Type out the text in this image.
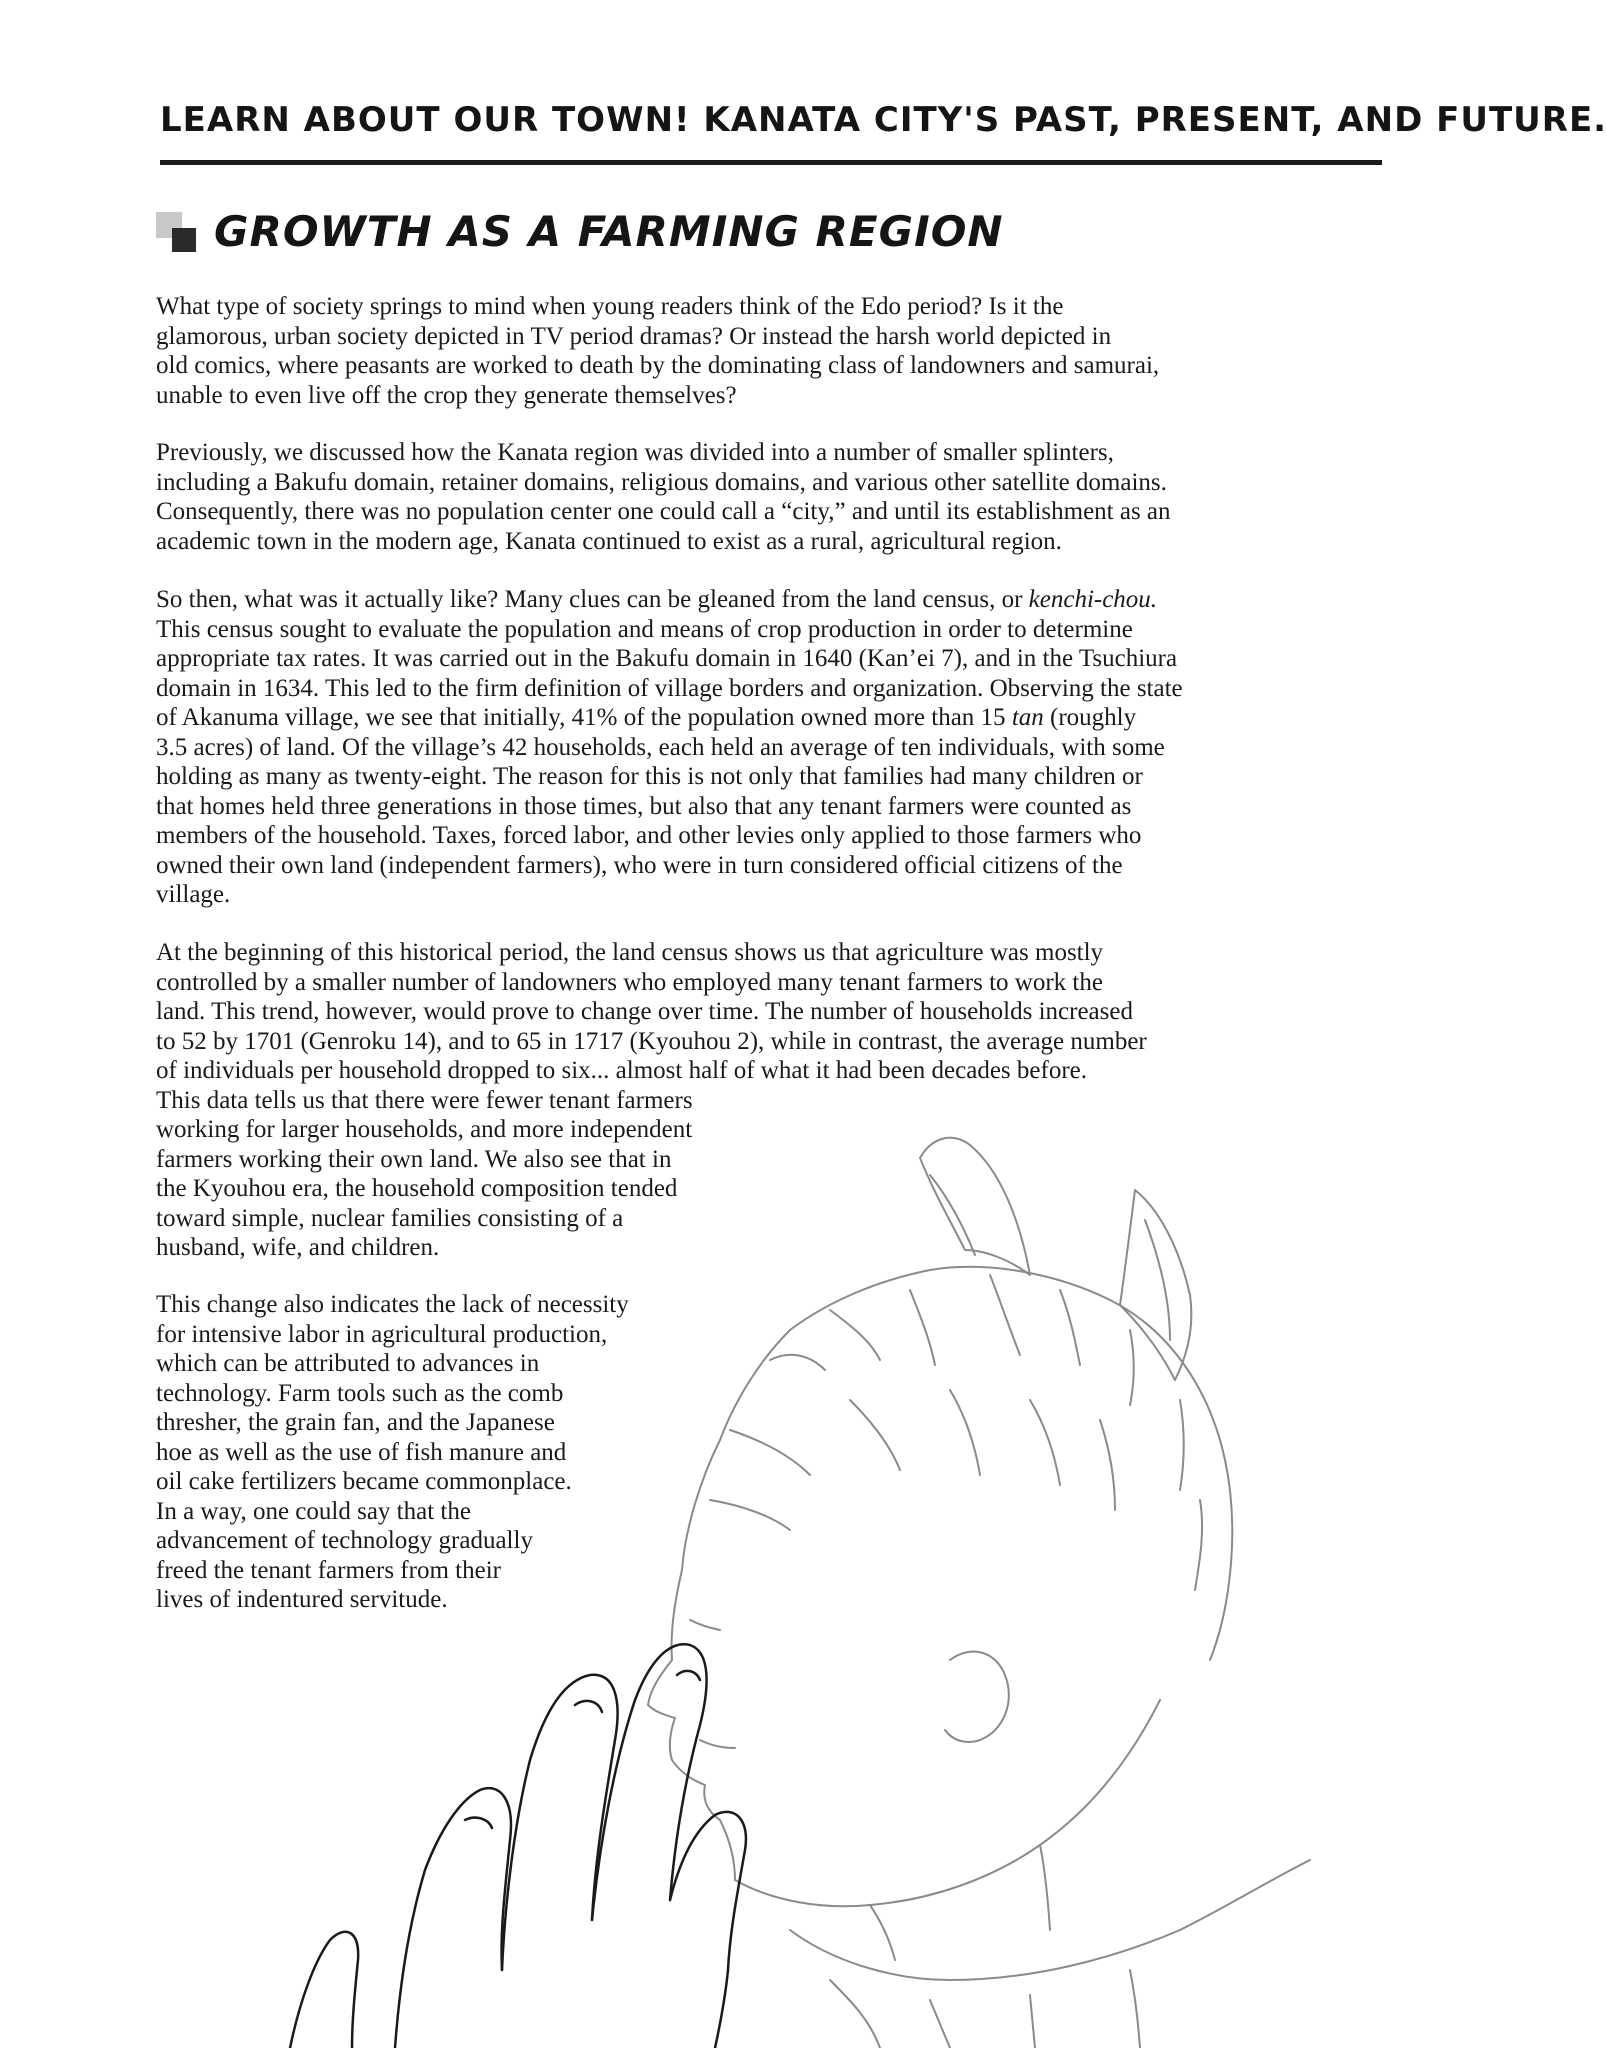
LEARN ABOUT OUR TOWN! KANATA CITY'S PAST, PRESENT, AND FUTURE.
GROWTH AS A FARMING REGION

What type of society springs to mind when young readers think of the Edo period? Is it the
glamorous, urban society depicted in TV period dramas? Or instead the harsh world depicted in
old comics, where peasants are worked to death by the dominating class of landowners and samurai,
unable to even live off the crop they generate themselves?

Previously, we discussed how the Kanata region was divided into a number of smaller splinters,
including a Bakufu domain, retainer domains, religious domains, and various other satellite domains.
Consequently, there was no population center one could call a “city,” and until its establishment as an
academic town in the modern age, Kanata continued to exist as a rural, agricultural region.

So then, what was it actually like? Many clues can be gleaned from the land census, or kenchi-chou.
This census sought to evaluate the population and means of crop production in order to determine
appropriate tax rates. It was carried out in the Bakufu domain in 1640 (Kan’ei 7), and in the Tsuchiura
domain in 1634. This led to the firm definition of village borders and organization. Observing the state
of Akanuma village, we see that initially, 41% of the population owned more than 15 tan (roughly
3.5 acres) of land. Of the village’s 42 households, each held an average of ten individuals, with some
holding as many as twenty-eight. The reason for this is not only that families had many children or
that homes held three generations in those times, but also that any tenant farmers were counted as
members of the household. Taxes, forced labor, and other levies only applied to those farmers who
owned their own land (independent farmers), who were in turn considered official citizens of the
village.

At the beginning of this historical period, the land census shows us that agriculture was mostly
controlled by a smaller number of landowners who employed many tenant farmers to work the
land. This trend, however, would prove to change over time. The number of households increased
to 52 by 1701 (Genroku 14), and to 65 in 1717 (Kyouhou 2), while in contrast, the average number
of individuals per household dropped to six... almost half of what it had been decades before.
This data tells us that there were fewer tenant farmers
working for larger households, and more independent
farmers working their own land. We also see that in
the Kyouhou era, the household composition tended
toward simple, nuclear families consisting of a
husband, wife, and children.

This change also indicates the lack of necessity
for intensive labor in agricultural production,
which can be attributed to advances in
technology. Farm tools such as the comb
thresher, the grain fan, and the Japanese
hoe as well as the use of fish manure and
oil cake fertilizers became commonplace.
In a way, one could say that the
advancement of technology gradually
freed the tenant farmers from their
lives of indentured servitude.
